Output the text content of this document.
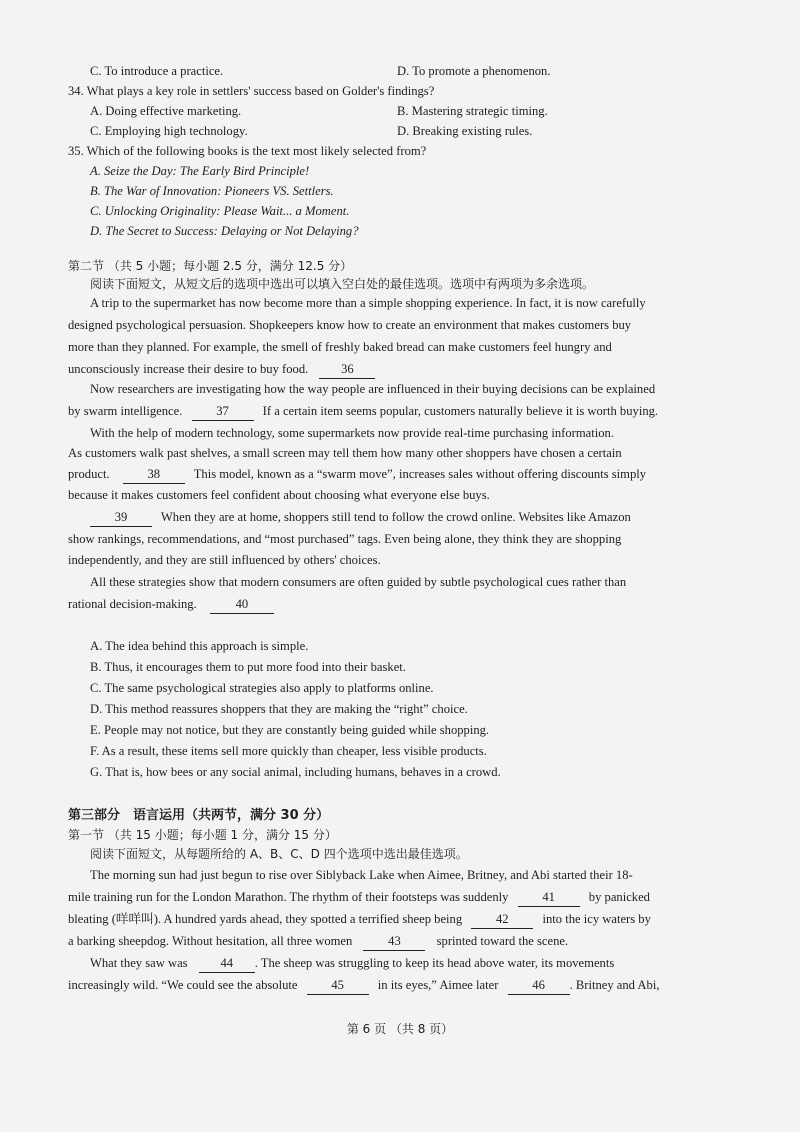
C. To introduce a practice.	D. To promote a phenomenon.
34. What plays a key role in settlers' success based on Golder's findings?
A. Doing effective marketing.	B. Mastering strategic timing.
C. Employing high technology.	D. Breaking existing rules.
35. Which of the following books is the text most likely selected from?
A. Seize the Day: The Early Bird Principle!
B. The War of Innovation: Pioneers VS. Settlers.
C. Unlocking Originality: Please Wait... a Moment.
D. The Secret to Success: Delaying or Not Delaying?
第二节 （共 5 小题；每小题 2.5 分，满分 12.5 分）
阅读下面短文，从短文后的选项中选出可以填入空白处的最佳选项。选项中有两项为多余选项。
A trip to the supermarket has now become more than a simple shopping experience. In fact, it is now carefully
designed psychological persuasion. Shopkeepers know how to create an environment that makes customers buy
more than they planned. For example, the smell of freshly baked bread can make customers feel hungry and
unconsciously increase their desire to buy food.	36
Now researchers are investigating how the way people are influenced in their buying decisions can be explained
by swarm intelligence.	37	If a certain item seems popular, customers naturally believe it is worth buying.
With the help of modern technology, some supermarkets now provide real-time purchasing information.
As customers walk past shelves, a small screen may tell them how many other shoppers have chosen a certain
product.	38	This model, known as a “swarm move”, increases sales without offering discounts simply
because it makes customers feel confident about choosing what everyone else buys.
39	When they are at home, shoppers still tend to follow the crowd online. Websites like Amazon
show rankings, recommendations, and “most purchased” tags. Even being alone, they think they are shopping
independently, and they are still influenced by others' choices.
All these strategies show that modern consumers are often guided by subtle psychological cues rather than
rational decision-making.	40
A. The idea behind this approach is simple.
B. Thus, it encourages them to put more food into their basket.
C. The same psychological strategies also apply to platforms online.
D. This method reassures shoppers that they are making the “right” choice.
E. People may not notice, but they are constantly being guided while shopping.
F. As a result, these items sell more quickly than cheaper, less visible products.
G. That is, how bees or any social animal, including humans, behaves in a crowd.
第三部分　语言运用（共两节，满分 30 分）
第一节 （共 15 小题；每小题 1 分，满分 15 分）
阅读下面短文，从每题所给的 A、B、C、D 四个选项中选出最佳选项。
The morning sun had just begun to rise over Siblyback Lake when Aimee, Britney, and Abi started their 18-
mile training run for the London Marathon. The rhythm of their footsteps was suddenly	41	by panicked
bleating (咩咩叫). A hundred yards ahead, they spotted a terrified sheep being	42	into the icy waters by
a barking sheepdog. Without hesitation, all three women	43	sprinted toward the scene.
What they saw was	44 . The sheep was struggling to keep its head above water, its movements
increasingly wild. “We could see the absolute	45	in its eyes,” Aimee later	46 . Britney and Abi,
第 6 页 （共 8 页）
